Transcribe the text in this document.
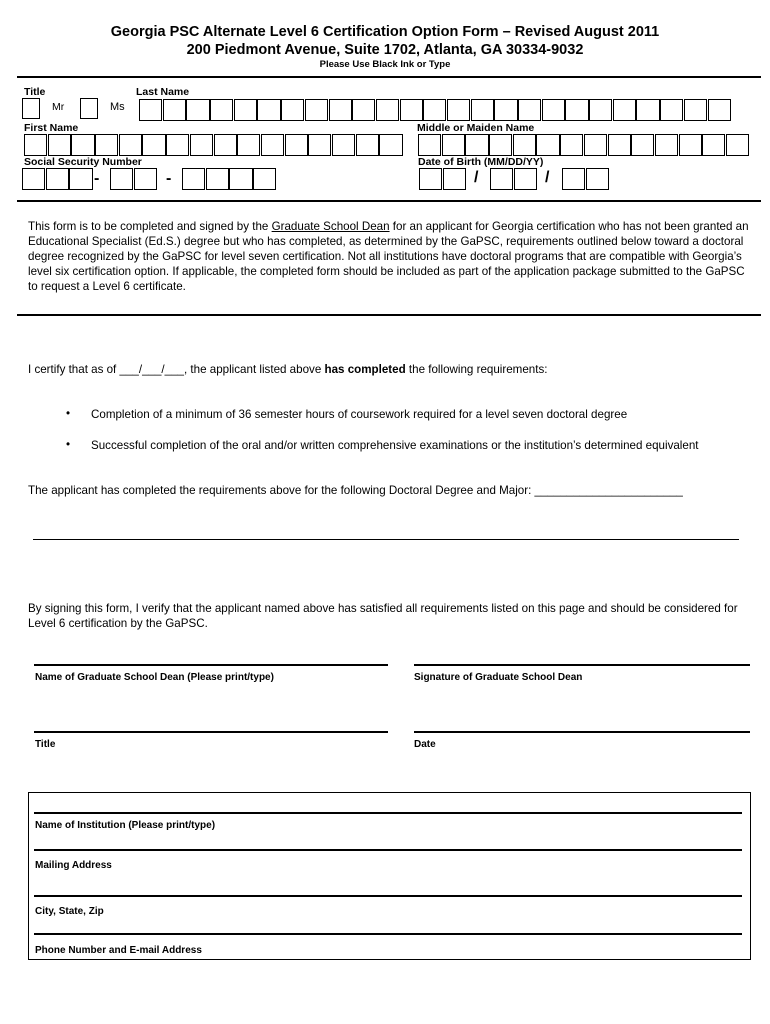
Georgia PSC Alternate Level 6 Certification Option Form – Revised August 2011
200 Piedmont Avenue, Suite 1702, Atlanta, GA 30334-9032
Please Use Black Ink or Type
Title	Last Name
Mr	Ms
First Name	Middle or Maiden Name
Social Security Number	Date of Birth (MM/DD/YY)
-	-	/	/
This form is to be completed and signed by the Graduate School Dean for an applicant for Georgia certification who has not been granted an Educational Specialist (Ed.S.) degree but who has completed, as determined by the GaPSC, requirements outlined below toward a doctoral degree recognized by the GaPSC for level seven certification. Not all institutions have doctoral programs that are compatible with Georgia’s level six certification option. If applicable, the completed form should be included as part of the application package submitted to the GaPSC to request a Level 6 certificate.
I certify that as of ___/___/___, the applicant listed above has completed the following requirements:
• Completion of a minimum of 36 semester hours of coursework required for a level seven doctoral degree
• Successful completion of the oral and/or written comprehensive examinations or the institution’s determined equivalent
The applicant has completed the requirements above for the following Doctoral Degree and Major: _______________________
By signing this form, I verify that the applicant named above has satisfied all requirements listed on this page and should be considered for Level 6 certification by the GaPSC.
Name of Graduate School Dean (Please print/type)	Signature of Graduate School Dean
Title	Date
Name of Institution (Please print/type)
Mailing Address
City, State, Zip
Phone Number and E-mail Address
